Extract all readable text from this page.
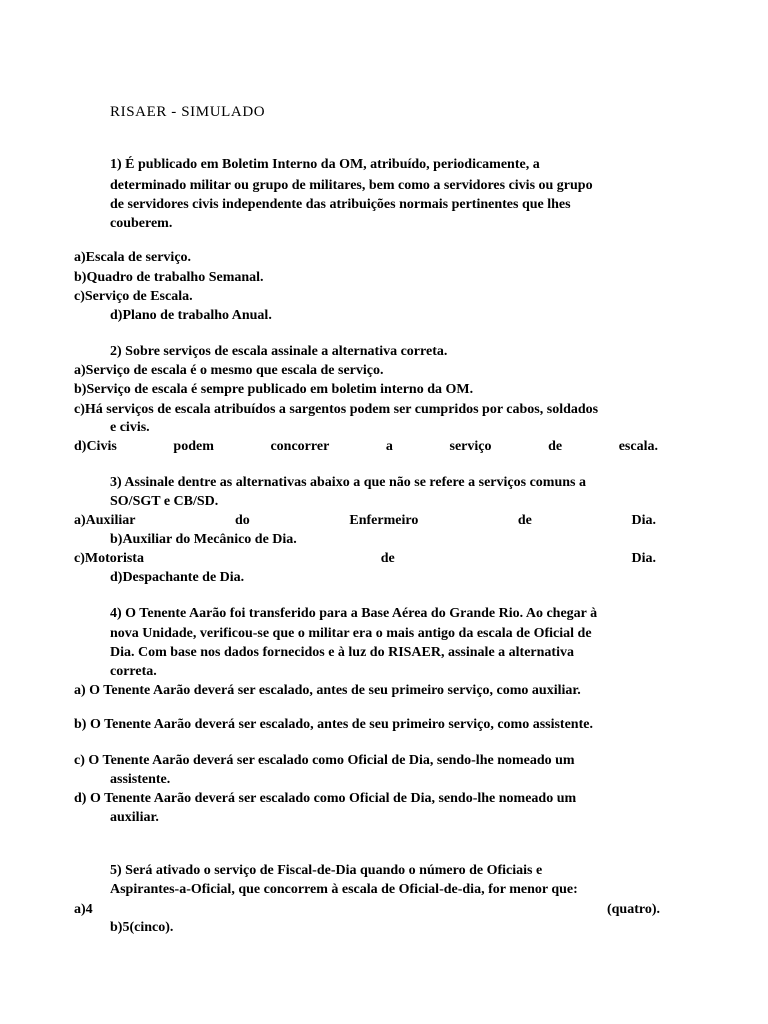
RISAER - SIMULADO
1) É publicado em Boletim Interno da OM, atribuído, periodicamente, a
determinado militar ou grupo de militares, bem como a servidores civis ou grupo
de servidores civis independente das atribuições normais pertinentes que lhes
couberem.
a)Escala de serviço.
b)Quadro de trabalho Semanal.
c)Serviço de Escala.
d)Plano de trabalho Anual.
2) Sobre serviços de escala assinale a alternativa correta.
a)Serviço de escala é o mesmo que escala de serviço.
b)Serviço de escala é sempre publicado em boletim interno da OM.
c)Há serviços de escala atribuídos a sargentos podem ser cumpridos por cabos, soldados
e civis.
d)Civis	podem	concorrer	a	serviço	de	escala.
3) Assinale dentre as alternativas abaixo a que não se refere a serviços comuns a
SO/SGT e CB/SD.
a)Auxiliar	do	Enfermeiro	de	Dia.
b)Auxiliar do Mecânico de Dia.
c)Motorista	de	Dia.
d)Despachante de Dia.
4) O Tenente Aarão foi transferido para a Base Aérea do Grande Rio. Ao chegar à
nova Unidade, verificou-se que o militar era o mais antigo da escala de Oficial de
Dia. Com base nos dados fornecidos e à luz do RISAER, assinale a alternativa
correta.
a) O Tenente Aarão deverá ser escalado, antes de seu primeiro serviço, como auxiliar.
b) O Tenente Aarão deverá ser escalado, antes de seu primeiro serviço, como assistente.
c) O Tenente Aarão deverá ser escalado como Oficial de Dia, sendo-lhe nomeado um
assistente.
d) O Tenente Aarão deverá ser escalado como Oficial de Dia, sendo-lhe nomeado um
auxiliar.
5) Será ativado o serviço de Fiscal-de-Dia quando o número de Oficiais e
Aspirantes-a-Oficial, que concorrem à escala de Oficial-de-dia, for menor que:
a)4	(quatro).
b)5(cinco).
